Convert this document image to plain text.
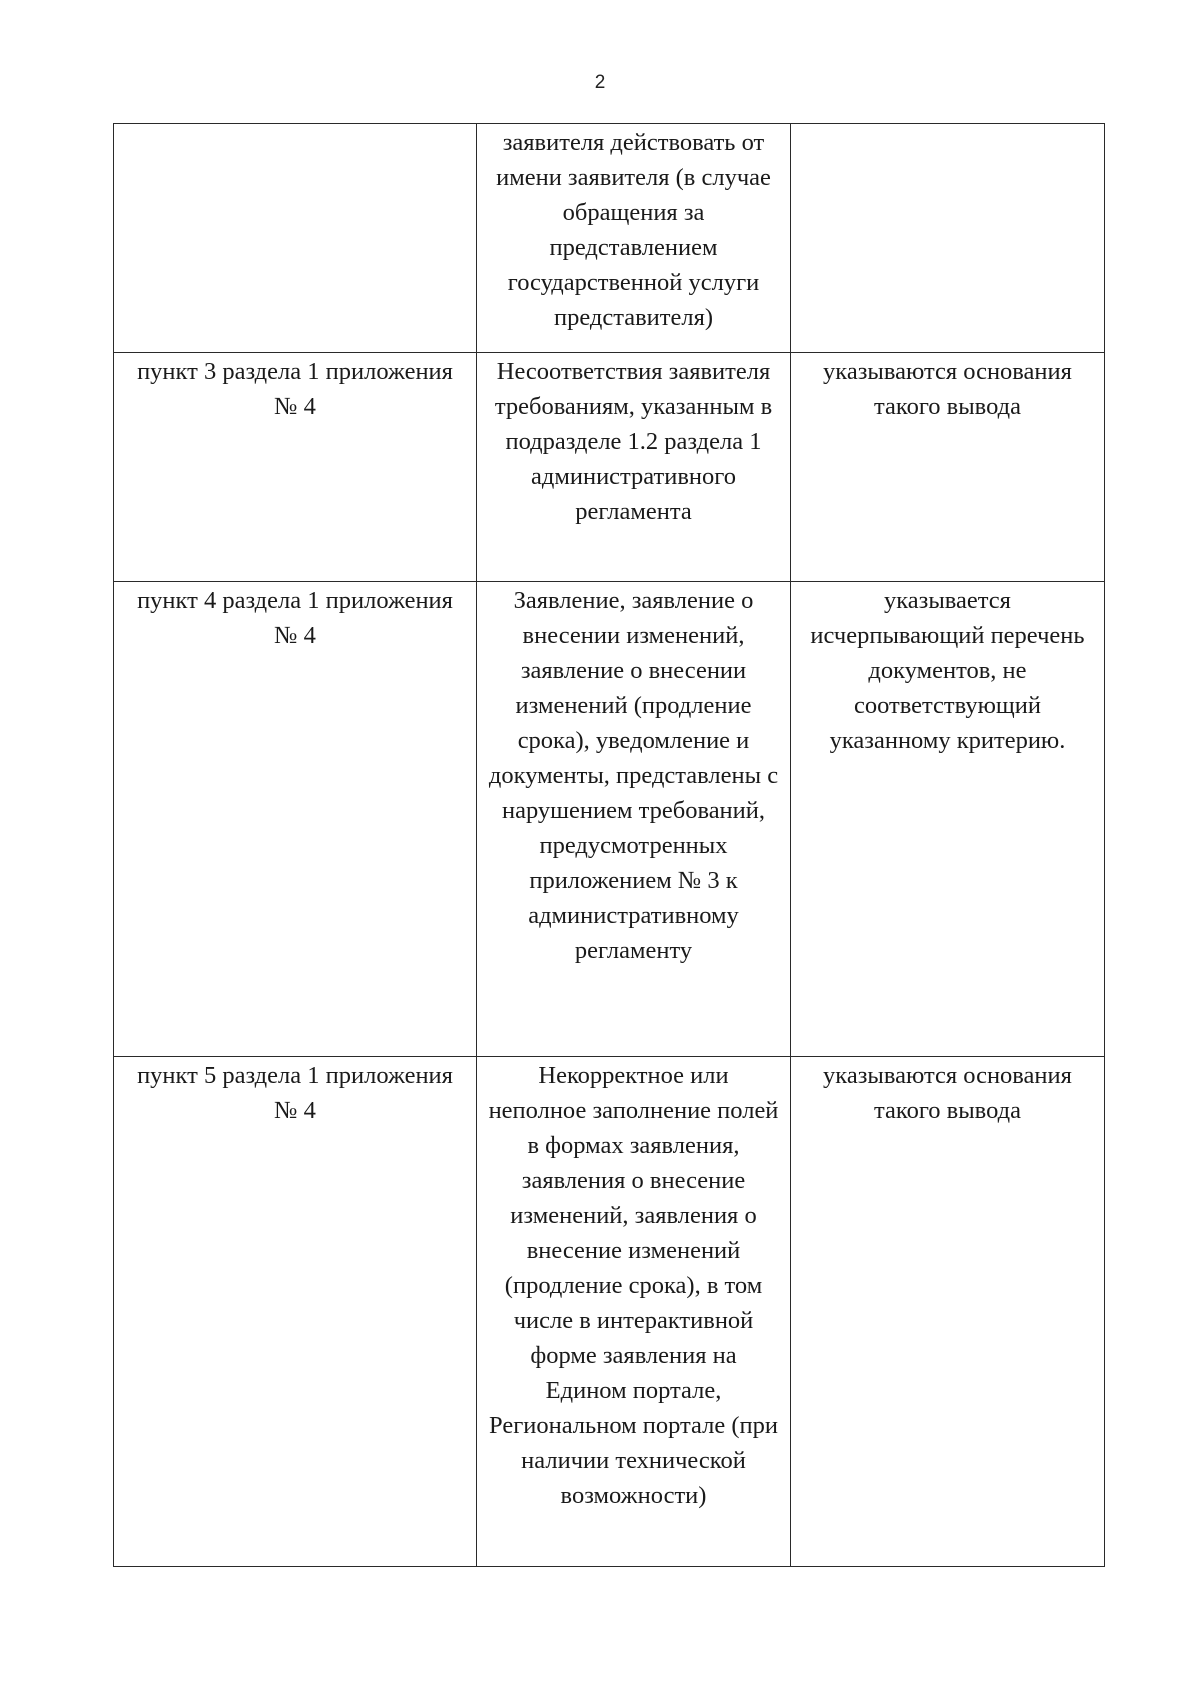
2

	заявителя действовать от имени заявителя (в случае обращения за представлением государственной услуги представителя)	

пункт 3 раздела 1 приложения № 4	Несоответствия заявителя требованиям, указанным в подразделе 1.2 раздела 1 административного регламента	указываются основания такого вывода

пункт 4 раздела 1 приложения № 4	Заявление, заявление о внесении изменений, заявление о внесении изменений (продление срока), уведомление и документы, представлены с нарушением требований, предусмотренных приложением № 3 к административному регламенту	указывается исчерпывающий перечень документов, не соответствующий указанному критерию.

пункт 5 раздела 1 приложения № 4	Некорректное или неполное заполнение полей в формах заявления, заявления о внесение изменений, заявления о внесение изменений (продление срока), в том числе в интерактивной форме заявления на Едином портале, Региональном портале (при наличии технической возможности)	указываются основания такого вывода
